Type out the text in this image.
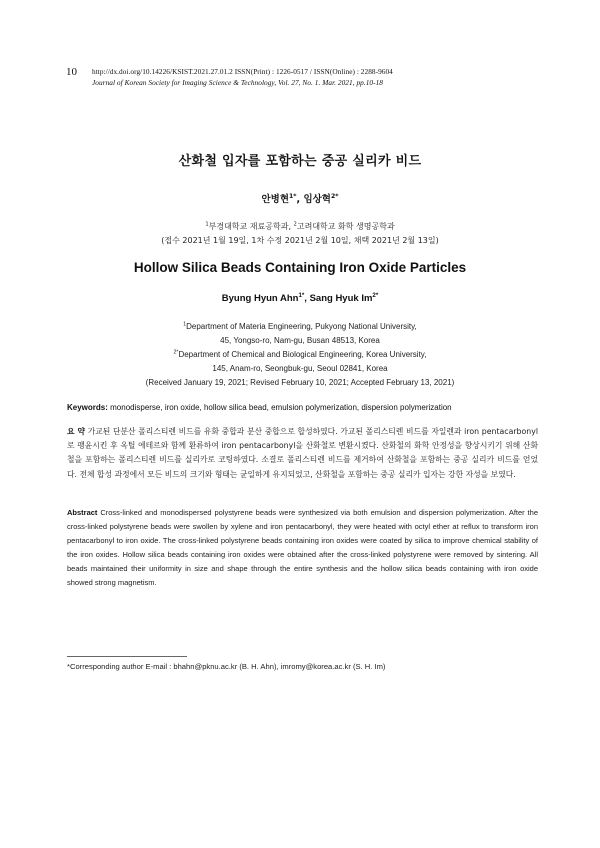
10 http://dx.doi.org/10.14226/KSIST.2021.27.01.2 ISSN(Print) : 1226-0517 / ISSN(Online) : 2288-9604
Journal of Korean Society for Imaging Science & Technology, Vol. 27, No. 1. Mar. 2021, pp.10-18
산화철 입자를 포함하는 중공 실리카 비드
안병현$^{1*}$, 임상혁$^{2*}$
$^1$부경대학교 재료공학과, $^2$고려대학교 화학 생명공학과
(접수 2021년 1월 19일, 1차 수정 2021년 2월 10일, 채택 2021년 2월 13일)
Hollow Silica Beads Containing Iron Oxide Particles
Byung Hyun Ahn$^{1*}$, Sang Hyuk $Im^{2*}$
$^1$Department of Materia Engineering, Pukyong National University,
45, Yongso-ro, Nam-gu, Busan 48513, Korea
$^{2*}$Department of Chemical and Biological Engineering, Korea University,
145, Anam-ro, Seongbuk-gu, Seoul 02841, Korea
(Received January 19, 2021; Revised February 10, 2021; Accepted February 13, 2021)
Keywords: monodisperse, iron oxide, hollow silica bead, emulsion polymerization, dispersion polymerization
요 약 가교된 단분산 폴리스티렌 비드를 유화 중합과 분산 중합으로 합성하였다. 가교된 폴리스티렌 비드를 자일렌과 iron pentacarbonyl로 팽윤시킨 후 옥틸 에테르와 함께 환류하여 iron pentacarbonyl을 산화철로 변환시켰다. 산화철의 화학 안정성을 향상시키기 위해 산화철을 포함하는 폴리스티렌 비드를 실리카로 코팅하였다. 소결로 폴리스티렌 비드를 제거하여 산화철을 포함하는 중공 실리카 비드를 얻었다. 전체 합성 과정에서 모든 비드의 크기와 형태는 균일하게 유지되었고, 산화철을 포함하는 중공 실리카 입자는 강한 자성을 보였다.
Abstract Cross-linked and monodispersed polystyrene beads were synthesized via both emulsion and dispersion polymerization. After the cross-linked polystyrene beads were swollen by xylene and iron pentacarbonyl, they were heated with octyl ether at reflux to transform iron pentacarbonyl to iron oxide. The cross-linked polystyrene beads containing iron oxides were coated by silica to improve chemical stability of the iron oxides. Hollow silica beads containing iron oxides were obtained after the cross-linked polystyrene were removed by sintering. All beads maintained their uniformity in size and shape through the entire synthesis and the hollow silica beads containing with iron oxide showed strong magnetism.
*Corresponding author E-mail : bhahn@pknu.ac.kr (B. H. Ahn), imromy@korea.ac.kr (S. H. Im)
